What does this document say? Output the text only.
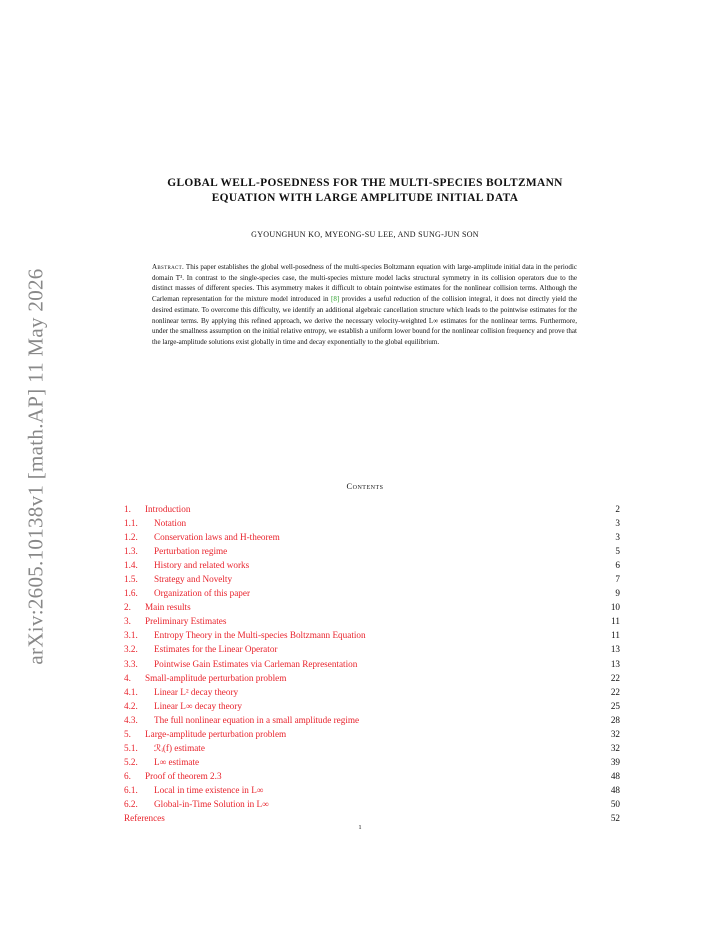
arXiv:2605.10138v1 [math.AP] 11 May 2026
GLOBAL WELL-POSEDNESS FOR THE MULTI-SPECIES BOLTZMANN
EQUATION WITH LARGE AMPLITUDE INITIAL DATA
GYOUNGHUN KO, MYEONG-SU LEE, AND SUNG-JUN SON
Abstract. This paper establishes the global well-posedness of the multi-species Boltzmann equation with large-amplitude initial data in the periodic domain T³. In contrast to the single-species case, the multi-species mixture model lacks structural symmetry in its collision operators due to the distinct masses of different species. This asymmetry makes it difficult to obtain pointwise estimates for the nonlinear collision terms. Although the Carleman representation for the mixture model introduced in [8] provides a useful reduction of the collision integral, it does not directly yield the desired estimate. To overcome this difficulty, we identify an additional algebraic cancellation structure which leads to the pointwise estimates for the nonlinear terms. By applying this refined approach, we derive the necessary velocity-weighted L∞ estimates for the nonlinear terms. Furthermore, under the smallness assumption on the initial relative entropy, we establish a uniform lower bound for the nonlinear collision frequency and prove that the large-amplitude solutions exist globally in time and decay exponentially to the global equilibrium.
Contents
1.	Introduction	2
1.1.	Notation	3
1.2.	Conservation laws and H-theorem	3
1.3.	Perturbation regime	5
1.4.	History and related works	6
1.5.	Strategy and Novelty	7
1.6.	Organization of this paper	9
2.	Main results	10
3.	Preliminary Estimates	11
3.1.	Entropy Theory in the Multi-species Boltzmann Equation	11
3.2.	Estimates for the Linear Operator	13
3.3.	Pointwise Gain Estimates via Carleman Representation	13
4.	Small-amplitude perturbation problem	22
4.1.	Linear L² decay theory	22
4.2.	Linear L∞ decay theory	25
4.3.	The full nonlinear equation in a small amplitude regime	28
5.	Large-amplitude perturbation problem	32
5.1.	ℛᵢ(f) estimate	32
5.2.	L∞ estimate	39
6.	Proof of theorem 2.3	48
6.1.	Local in time existence in L∞	48
6.2.	Global-in-Time Solution in L∞	50
References	52
1
